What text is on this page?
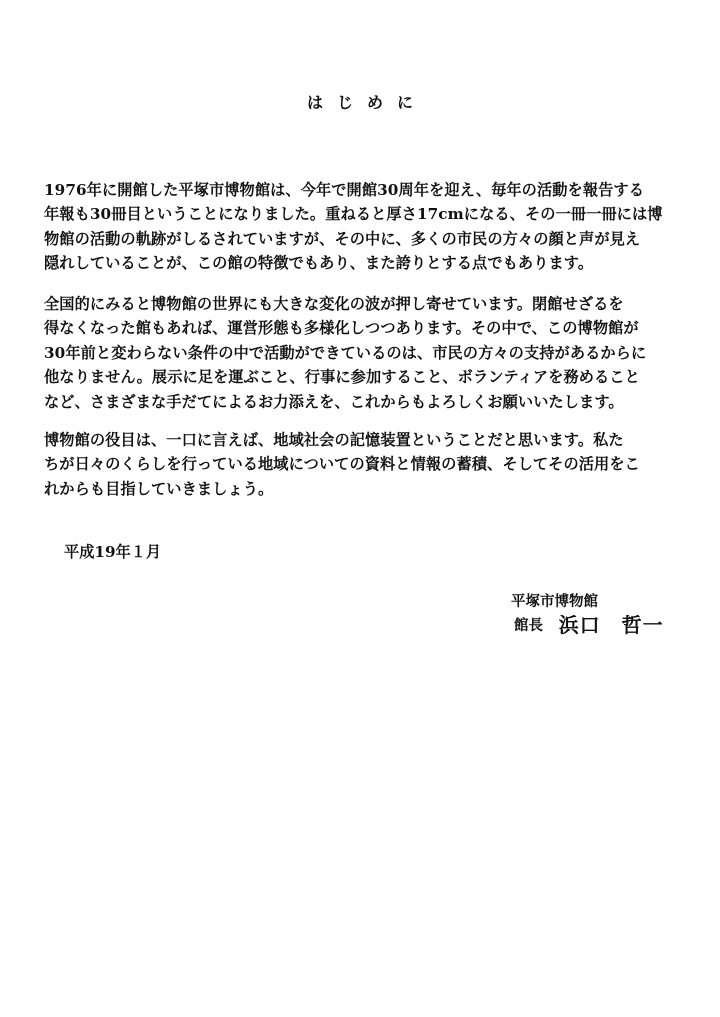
はじめに
1976年に開館した平塚市博物館は、今年で開館30周年を迎え、毎年の活動を報告する
年報も30冊目ということになりました。重ねると厚さ17cmになる、その一冊一冊には博
物館の活動の軌跡がしるされていますが、その中に、多くの市民の方々の顔と声が見え
隠れしていることが、この館の特徴でもあり、また誇りとする点でもあります。
全国的にみると博物館の世界にも大きな変化の波が押し寄せています。閉館せざるを
得なくなった館もあれば、運営形態も多様化しつつあります。その中で、この博物館が
30年前と変わらない条件の中で活動ができているのは、市民の方々の支持があるからに
他なりません。展示に足を運ぶこと、行事に参加すること、ボランティアを務めること
など、さまざまな手だてによるお力添えを、これからもよろしくお願いいたします。
博物館の役目は、一口に言えば、地域社会の記憶装置ということだと思います。私た
ちが日々のくらしを行っている地域についての資料と情報の蓄積、そしてその活用をこ
れからも目指していきましょう。
平成19年１月
平塚市博物館
館長 浜口　哲一
